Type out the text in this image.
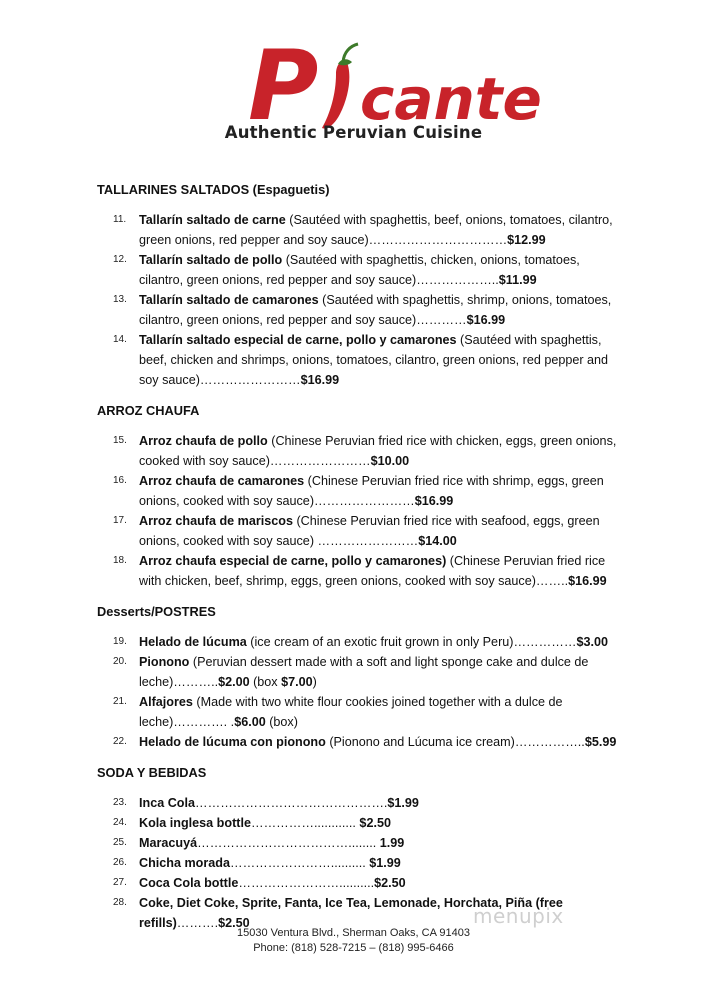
P cante
Authentic Peruvian Cuisine
TALLARINES SALTADOS (Espaguetis)
11.	Tallarín saltado de carne (Sautéed with spaghettis, beef, onions, tomatoes, cilantro, green onions, red pepper and soy sauce)……………………………$12.99
12. Tallarín saltado de pollo (Sautéed with spaghettis, chicken, onions, tomatoes, cilantro, green onions, red pepper and soy sauce)………………..$11.99
13. Tallarín saltado de camarones (Sautéed with spaghettis, shrimp, onions, tomatoes, cilantro, green onions, red pepper and soy sauce)…………$16.99
14. Tallarín saltado especial de carne, pollo y camarones (Sautéed with spaghettis, beef, chicken and shrimps, onions, tomatoes, cilantro, green onions, red pepper and soy sauce)……………………$16.99
ARROZ CHAUFA
15. Arroz chaufa de pollo (Chinese Peruvian fried rice with chicken, eggs, green onions, cooked with soy sauce)……………………$10.00
16. Arroz chaufa de camarones (Chinese Peruvian fried rice with shrimp, eggs, green onions, cooked with soy sauce)……………………$16.99
17. Arroz chaufa de mariscos (Chinese Peruvian fried rice with seafood, eggs, green onions, cooked with soy sauce) ……………………$14.00
18. Arroz chaufa especial de carne, pollo y camarones) (Chinese Peruvian fried rice with chicken, beef, shrimp, eggs, green onions, cooked with soy sauce)……..$16.99
Desserts/POSTRES
19. Helado de lúcuma (ice cream of an exotic fruit grown in only Peru)……………$3.00
20. Pionono (Peruvian dessert made with a soft and light sponge cake and dulce de leche)………..$2.00 (box $7.00)
21. Alfajores (Made with two white flour cookies joined together with a dulce de leche)…………. .$6.00 (box)
22. Helado de lúcuma con pionono (Pionono and Lúcuma ice cream)……………..$5.99
SODA Y BEBIDAS
23. Inca Cola……………………………………….$1.99
24. Kola inglesa bottle……………............ $2.50
25. Maracuyá………………………………........ 1.99
26. Chicha morada…………………….......... $1.99
27. Coca Cola bottle……………………..........$2.50
28. Coke, Diet Coke, Sprite, Fanta, Ice Tea, Lemonade, Horchata, Piña (free refills)……….$2.50
15030 Ventura Blvd., Sherman Oaks, CA 91403
Phone: (818) 528-7215 – (818) 995-6466
menupix
